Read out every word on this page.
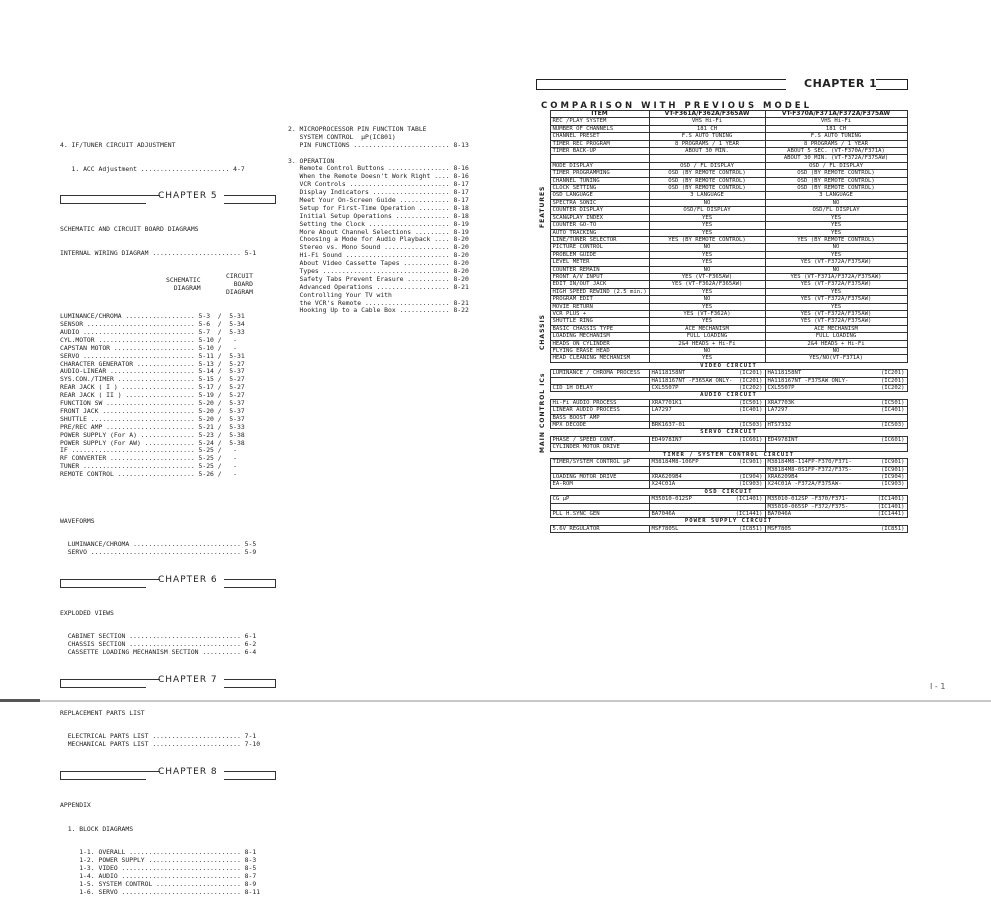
4. IF/TUNER CIRCUIT ADJUSTMENT

1. ACC Adjustment ....................... 4-7

CHAPTER 5

SCHEMATIC AND CIRCUIT BOARD DIAGRAMS

INTERNAL WIRING DIAGRAM ....................... 5-1

SCHEMATIC
DIAGRAM

CIRCUIT
BOARD
DIAGRAM

LUMINANCE/CHROMA .................. 5-3  /  5-31
SENSOR ............................ 5-6  /  5-34
AUDIO ............................. 5-7  /  5-33
CYL.MOTOR ......................... 5-10 /   -
CAPSTAN MOTOR ..................... 5-10 /   -
SERVO ............................. 5-11 /  5-31
CHARACTER GENERATOR ............... 5-13 /  5-27
AUDIO-LINEAR ...................... 5-14 /  5-37
SYS.CON./TIMER .................... 5-15 /  5-27
REAR JACK ( I ) ................... 5-17 /  5-27
REAR JACK ( II ) .................. 5-19 /  5-27
FUNCTION SW ....................... 5-20 /  5-37
FRONT JACK ........................ 5-20 /  5-37
SHUTTLE ........................... 5-20 /  5-37
PRE/REC AMP ....................... 5-21 /  5-33
POWER SUPPLY (For A) .............. 5-23 /  5-38
POWER SUPPLY (For AW) ............. 5-24 /  5-38
IF ................................ 5-25 /   -
RF CONVERTER ...................... 5-25 /   -
TUNER ............................. 5-25 /   -
REMOTE CONTROL .................... 5-26 /   -

WAVEFORMS

LUMINANCE/CHROMA ............................ 5-5
SERVO ....................................... 5-9

CHAPTER 6

EXPLODED VIEWS

CABINET SECTION ............................. 6-1
CHASSIS SECTION ............................. 6-2
CASSETTE LOADING MECHANISM SECTION .......... 6-4

CHAPTER 7

REPLACEMENT PARTS LIST

ELECTRICAL PARTS LIST ....................... 7-1
MECHANICAL PARTS LIST ....................... 7-10

CHAPTER 8

APPENDIX

1. BLOCK DIAGRAMS

1-1. OVERALL ............................. 8-1
1-2. POWER SUPPLY ........................ 8-3
1-3. VIDEO ............................... 8-5
1-4. AUDIO ............................... 8-7
1-5. SYSTEM CONTROL ...................... 8-9
1-6. SERVO ............................... 8-11

2. MICROPROCESSOR PIN FUNCTION TABLE
SYSTEM CONTROL  μP(IC801)
PIN FUNCTIONS ......................... 8-13
3. OPERATION
Remote Control Buttons ................ 8-16
When the Remote Doesn't Work Right .... 8-16
VCR Controls .......................... 8-17
Display Indicators .................... 8-17
Meet Your On-Screen Guide ............. 8-17
Setup for First-Time Operation ........ 8-18
Initial Setup Operations .............. 8-18
Setting the Clock ..................... 8-19
More About Channel Selections ......... 8-19
Choosing a Mode for Audio Playback .... 8-20
Stereo vs. Mono Sound ................. 8-20
Hi-Fi Sound ........................... 8-20
About Video Cassette Tapes ............ 8-20
Types ................................. 8-20
Safety Tabs Prevent Erasure ........... 8-20
Advanced Operations ................... 8-21
Controlling Your TV with
the VCR's Remote ...................... 8-21
Hooking Up to a Cable Box ............. 8-22
CHAPTER 1
COMPARISON WITH PREVIOUS MODEL
	ITEM	VT-F361A/F362A/F365AW		VT-F370A/F371A/F372A/F375AW	

FEATURES	REC /PLAY SYSTEM	VHS Hi-Fi		VHS Hi-Fi	
	NUMBER OF CHANNELS	181 CH		181 CH	
	CHANNEL PRESET	F.S AUTO TUNING		F.S AUTO TUNING	
	TIMER REC PROGRAM	8 PROGRAMS / 1 YEAR		8 PROGRAMS / 1 YEAR	
	TIMER BACK-UP	ABOUT 30 MIN.		ABOUT 5 SEC. (VT-F370A/F371A)	
				ABOUT 30 MIN. (VT-F372A/F375AW)	
	MODE DISPLAY	OSD / FL DISPLAY		OSD / FL DISPLAY	
	TIMER PROGRAMMING	OSD (BY REMOTE CONTROL)		OSD (BY REMOTE CONTROL)	
	CHANNEL TUNING	OSD (BY REMOTE CONTROL)		OSD (BY REMOTE CONTROL)	
	CLOCK SETTING	OSD (BY REMOTE CONTROL)		OSD (BY REMOTE CONTROL)	
	OSD LANGUAGE	3 LANGUAGE		3 LANGUAGE	
	SPECTRA SONIC	NO		NO	
	COUNTER DISPLAY	OSD/FL DISPLAY		OSD/FL DISPLAY	
	SCAN&PLAY INDEX	YES		YES	
	COUNTER GO-TO	YES		YES	
	AUTO TRACKING	YES		YES	
	LINE/TUNER SELECTOR	YES (BY REMOTE CONTROL)		YES (BY REMOTE CONTROL)	
	PICTURE CONTROL	NO		NO	
	PROBLEM GUIDE	YES		YES	
	LEVEL METER	YES		YES (VT-F372A/F375AW)	
	COUNTER REMAIN	NO		NO	
	FRONT A/V INPUT	YES (VT-F365AW)		YES (VT-F371A/F372A/F375AW)	
	EDIT IN/OUT JACK	YES (VT-F362A/F365AW)		YES (VT-F372A/F375AW)	
	HIGH SPEED REWIND (2.5 min.)	YES		YES	
	PROGRAM EDIT	NO		YES (VT-F372A/F375AW)	
	MOVIE RETURN	YES		YES	
	VCR PLUS +	YES (VT-F362A)		YES (VT-F372A/F375AW)	
	SHUTTLE RING	YES		YES (VT-F372A/F375AW)	

CHASSIS	BASIC CHASSIS TYPE	ACE MECHANISM		ACE MECHANISM	
	LOADING MECHANISM	FULL LOADING		FULL LOADING	
	HEADS ON CYLINDER	2&4 HEADS + Hi-Fi		2&4 HEADS + Hi-Fi	
	FLYING ERASE HEAD	NO		NO	
	HEAD CLEANING MECHANISM	YES		YES/NO(VT-F371A)	

MAIN CONTROL ICs	VIDEO CIRCUIT				
	LUMINANCE / CHROMA PROCESS	HA118158NT	(IC201)	HA118158NT	(IC201)
		HA118167NT -F365AW ONLY-	(IC201)	HA118167NT -F375AW ONLY-	(IC201)
	CID 1H DELAY	CXL5507P	(IC202)	CXL5507P	(IC202)
	AUDIO CIRCUIT				
	Hi-Fi AUDIO PROCESS	XRA7701K1	(IC501)	XRA7703K	(IC501)
	LINEAR AUDIO PROCESS	LA7297	(IC401)	LA7297	(IC401)
	BASS BOOST AMP				
	MPX DECODE	BRK1637-01	(IC503)	HTS7332	(IC503)
	SERVO CIRCUIT				
	PHASE / SPEED CONT.	ED4978IN7	(IC601)	ED4978INT	(IC601)
	CYLINDER MOTOR DRIVE				
	TIMER / SYSTEM CONTROL CIRCUIT				
	TIMER/SYSTEM CONTROL μP	M38184M8-106FP	(IC901)	M38184M8-114FP-F370/F371-	(IC901)
				M38184M8-0S1FP-F372/F375-	(IC901)
	LOADING MOTOR DRIVE	XRA6209B4	(IC904)	XRA6209B4	(IC904)
	EA-ROM	X24C01A	(IC903)	X24C01A -F372A/F375AW-	(IC903)
	OSD CIRCUIT				
	CG μP	M35010-012SP	(IC1401)	M35010-012SP -F370/F371-	(IC1401)
				M35010-065SP -F372/F375-	(IC1401)
	PLL H.SYNC GEN	BA7046A	(IC1441)	BA7046A	(IC1441)
	POWER SUPPLY CIRCUIT				
	5.6V REGULATOR	MSF7805L	(IC851)	MSF7805	(IC851)
I - 1
